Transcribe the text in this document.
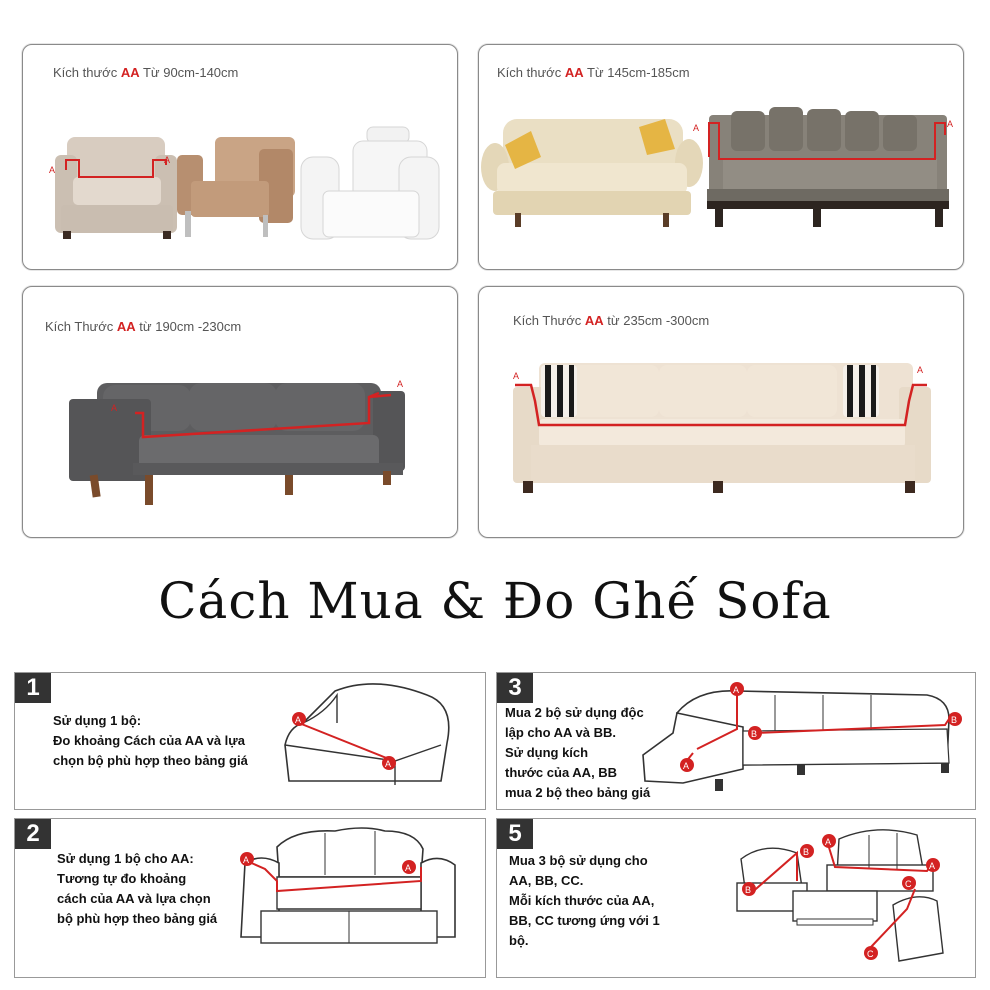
Kích thước AA Từ 90cm-140cm
A
A
Kích thước AA Từ 145cm-185cm
A	A
Kích Thước AA từ 190cm -230cm
A
A
Kích Thước AA từ 235cm -300cm
A
A
Cách Mua & Đo Ghế Sofa
1
Sử dụng 1 bộ:
Đo khoảng Cách của AA và lựa
chọn bộ phù hợp theo bảng giá
A
A
2
Sử dụng 1 bộ cho AA:
Tương tự đo khoảng
cách của AA và lựa chọn
bộ phù hợp theo bảng giá
A
A
3
Mua 2 bộ sử dụng độc
lập cho AA và BB.
Sử dụng kích
thước của AA, BB
mua 2 bộ theo bảng giá
A
A
B
B
5
Mua 3 bộ sử dụng cho
AA, BB, CC.
Mỗi kích thước của AA,
BB, CC tương ứng với 1
bộ.
B
B
A
A
C
C
